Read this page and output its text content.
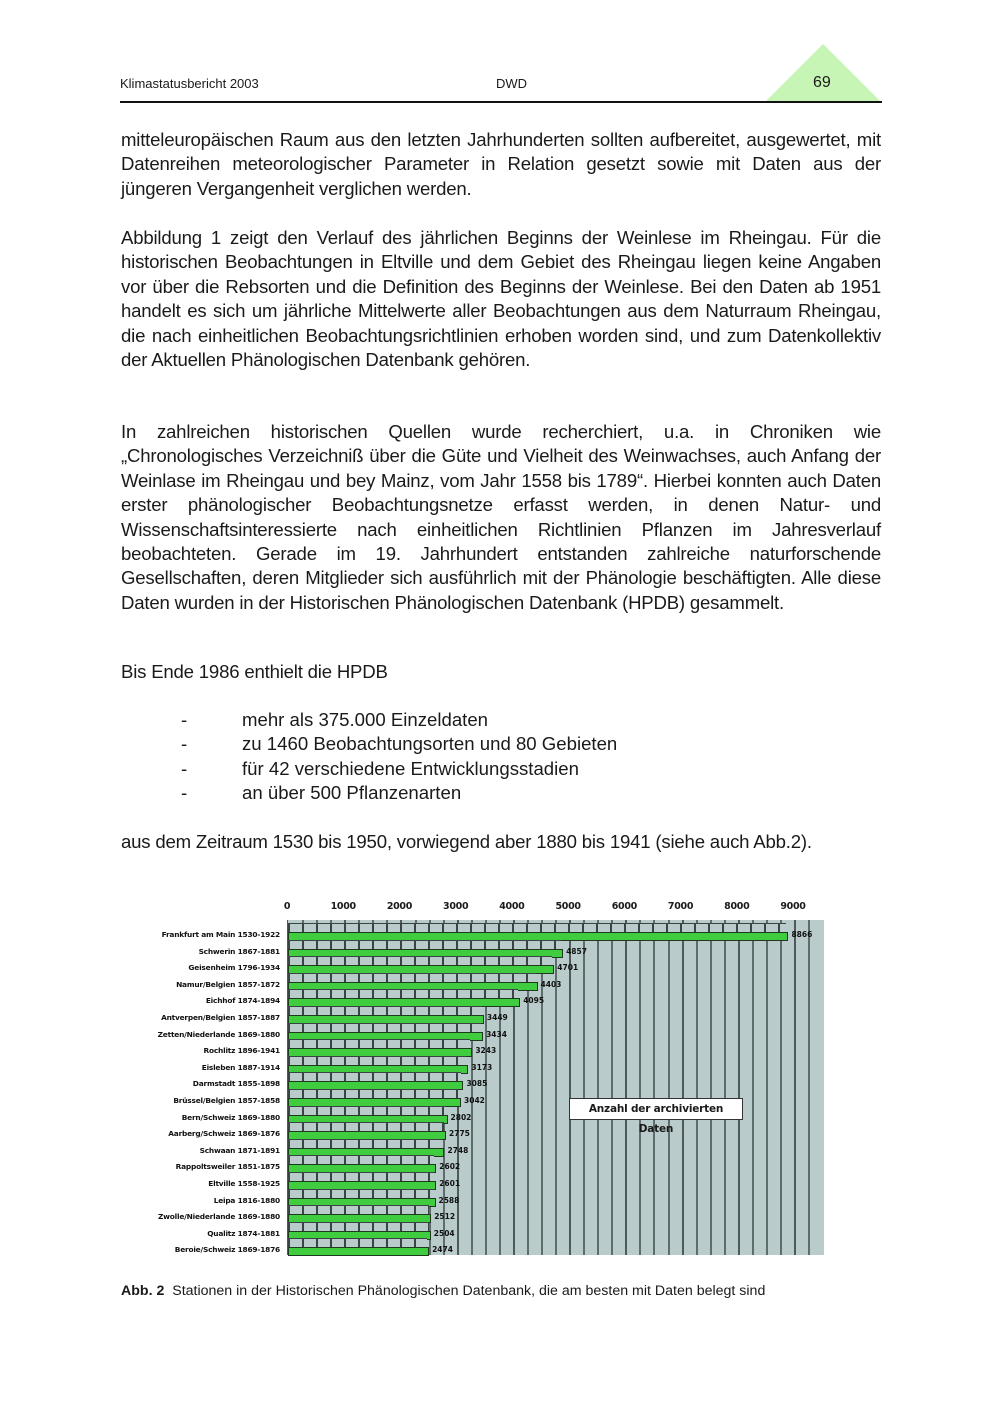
Klimastatusbericht 2003	DWD	69

mitteleuropäischen Raum aus den letzten Jahrhunderten sollten aufbereitet, ausgewertet, mit Datenreihen meteorologischer Parameter in Relation gesetzt sowie mit Daten aus der jüngeren Vergangenheit verglichen werden.

Abbildung 1 zeigt den Verlauf des jährlichen Beginns der Weinlese im Rheingau. Für die historischen Beobachtungen in Eltville und dem Gebiet des Rheingau liegen keine Angaben vor über die Rebsorten und die Definition des Beginns der Weinlese. Bei den Daten ab 1951 handelt es sich um jährliche Mittelwerte aller Beobachtungen aus dem Naturraum Rheingau, die nach einheitlichen Beobachtungsrichtlinien erhoben worden sind, und zum Datenkollektiv der Aktuellen Phänologischen Datenbank gehören.

In zahlreichen historischen Quellen wurde recherchiert, u.a. in Chroniken wie „Chronologisches Verzeichniß über die Güte und Vielheit des Weinwachses, auch Anfang der Weinlase im Rheingau und bey Mainz, vom Jahr 1558 bis 1789“. Hierbei konnten auch Daten erster phänologischer Beobachtungsnetze erfasst werden, in denen Natur- und Wissenschaftsinteressierte nach einheitlichen Richtlinien Pflanzen im Jahresverlauf beobachteten. Gerade im 19. Jahrhundert entstanden zahlreiche naturforschende Gesellschaften, deren Mitglieder sich ausführlich mit der Phänologie beschäftigten. Alle diese Daten wurden in der Historischen Phänologischen Datenbank (HPDB) gesammelt.

Bis Ende 1986 enthielt die HPDB

-	mehr als 375.000 Einzeldaten
-	zu 1460 Beobachtungsorten und 80 Gebieten
-	für 42 verschiedene Entwicklungsstadien
-	an über 500 Pflanzenarten

aus dem Zeitraum 1530 bis 1950, vorwiegend aber 1880 bis 1941 (siehe auch Abb.2).

0	1000	2000	3000	4000	5000	6000	7000	8000	9000
8866
4857
4701
4403
4095
3449
3434
3243
3173
3085
3042
2802
2775
2748
2602
2601
2588
2512
2504
2474
Frankfurt am Main 1530-1922
Schwerin 1867-1881
Geisenheim 1796-1934
Namur/Belgien 1857-1872
Eichhof 1874-1894
Antverpen/Belgien 1857-1887
Zetten/Niederlande 1869-1880
Rochlitz 1896-1941
Eisleben 1887-1914
Darmstadt 1855-1898
Brüssel/Belgien 1857-1858
Bern/Schweiz 1869-1880
Aarberg/Schweiz 1869-1876
Schwaan 1871-1891
Rappoltsweiler 1851-1875
Eltville 1558-1925
Leipa 1816-1880
Zwolle/Niederlande 1869-1880
Qualitz 1874-1881
Beroie/Schweiz 1869-1876
Anzahl der archivierten Daten
Abb. 2 Stationen in der Historischen Phänologischen Datenbank, die am besten mit Daten belegt sind
